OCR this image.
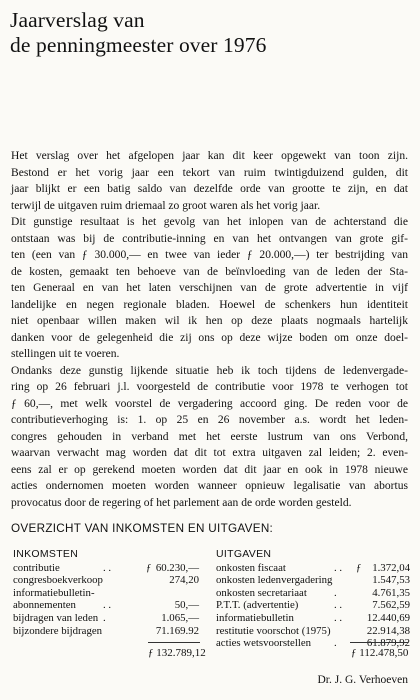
Jaarverslag van
de penningmeester over 1976
Het verslag over het afgelopen jaar kan dit keer opgewekt van toon zijn.
Bestond er het vorig jaar een tekort van ruim twintigduizend gulden, dit
jaar blijkt er een batig saldo van dezelfde orde van grootte te zijn, en dat
terwijl de uitgaven ruim driemaal zo groot waren als het vorig jaar.
Dit gunstige resultaat is het gevolg van het inlopen van de achterstand die
ontstaan was bij de contributie-inning en van het ontvangen van grote gif-
ten (een van ƒ 30.000,— en twee van ieder ƒ 20.000,—) ter bestrijding van
de kosten, gemaakt ten behoeve van de beïnvloeding van de leden der Sta-
ten Generaal en van het laten verschijnen van de grote advertentie in vijf
landelijke en negen regionale bladen. Hoewel de schenkers hun identiteit
niet openbaar willen maken wil ik hen op deze plaats nogmaals hartelijk
danken voor de gelegenheid die zij ons op deze wijze boden om onze doel-
stellingen uit te voeren.
Ondanks deze gunstig lijkende situatie heb ik toch tijdens de ledenvergade-
ring op 26 februari j.l. voorgesteld de contributie voor 1978 te verhogen tot
ƒ 60,—, met welk voorstel de vergadering accoord ging. De reden voor de
contributieverhoging is: 1. op 25 en 26 november a.s. wordt het leden-
congres gehouden in verband met het eerste lustrum van ons Verbond,
waarvan verwacht mag worden dat dit tot extra uitgaven zal leiden; 2. even-
eens zal er op gerekend moeten worden dat dit jaar en ook in 1978 nieuwe
acties ondernomen moeten worden wanneer opnieuw legalisatie van abortus
provocatus door de regering of het parlement aan de orde worden gesteld.
OVERZICHT VAN INKOMSTEN EN UITGAVEN:
INKOMSTEN
contributie	. .	ƒ 60.230,—
congresboekverkoop	274,20
informatiebulletin-
abonnementen	. .	50,—
bijdragen van leden .	1.065,—
bijzondere bijdragen	71.169.92
UITGAVEN
onkosten fiscaat	. . ƒ 1.372,04
onkosten ledenvergadering	1.547,53
onkosten secretariaat	.	4.761,35
P.T.T. (advertentie)	. .	7.562,59
informatiebulletin	. . 12.440,69
restitutie voorschot (1975)	22.914,38
acties wetsvoorstellen .	61.879,92
ƒ 132.789,12	ƒ 112.478,50
Dr. J. G. Verhoeven
